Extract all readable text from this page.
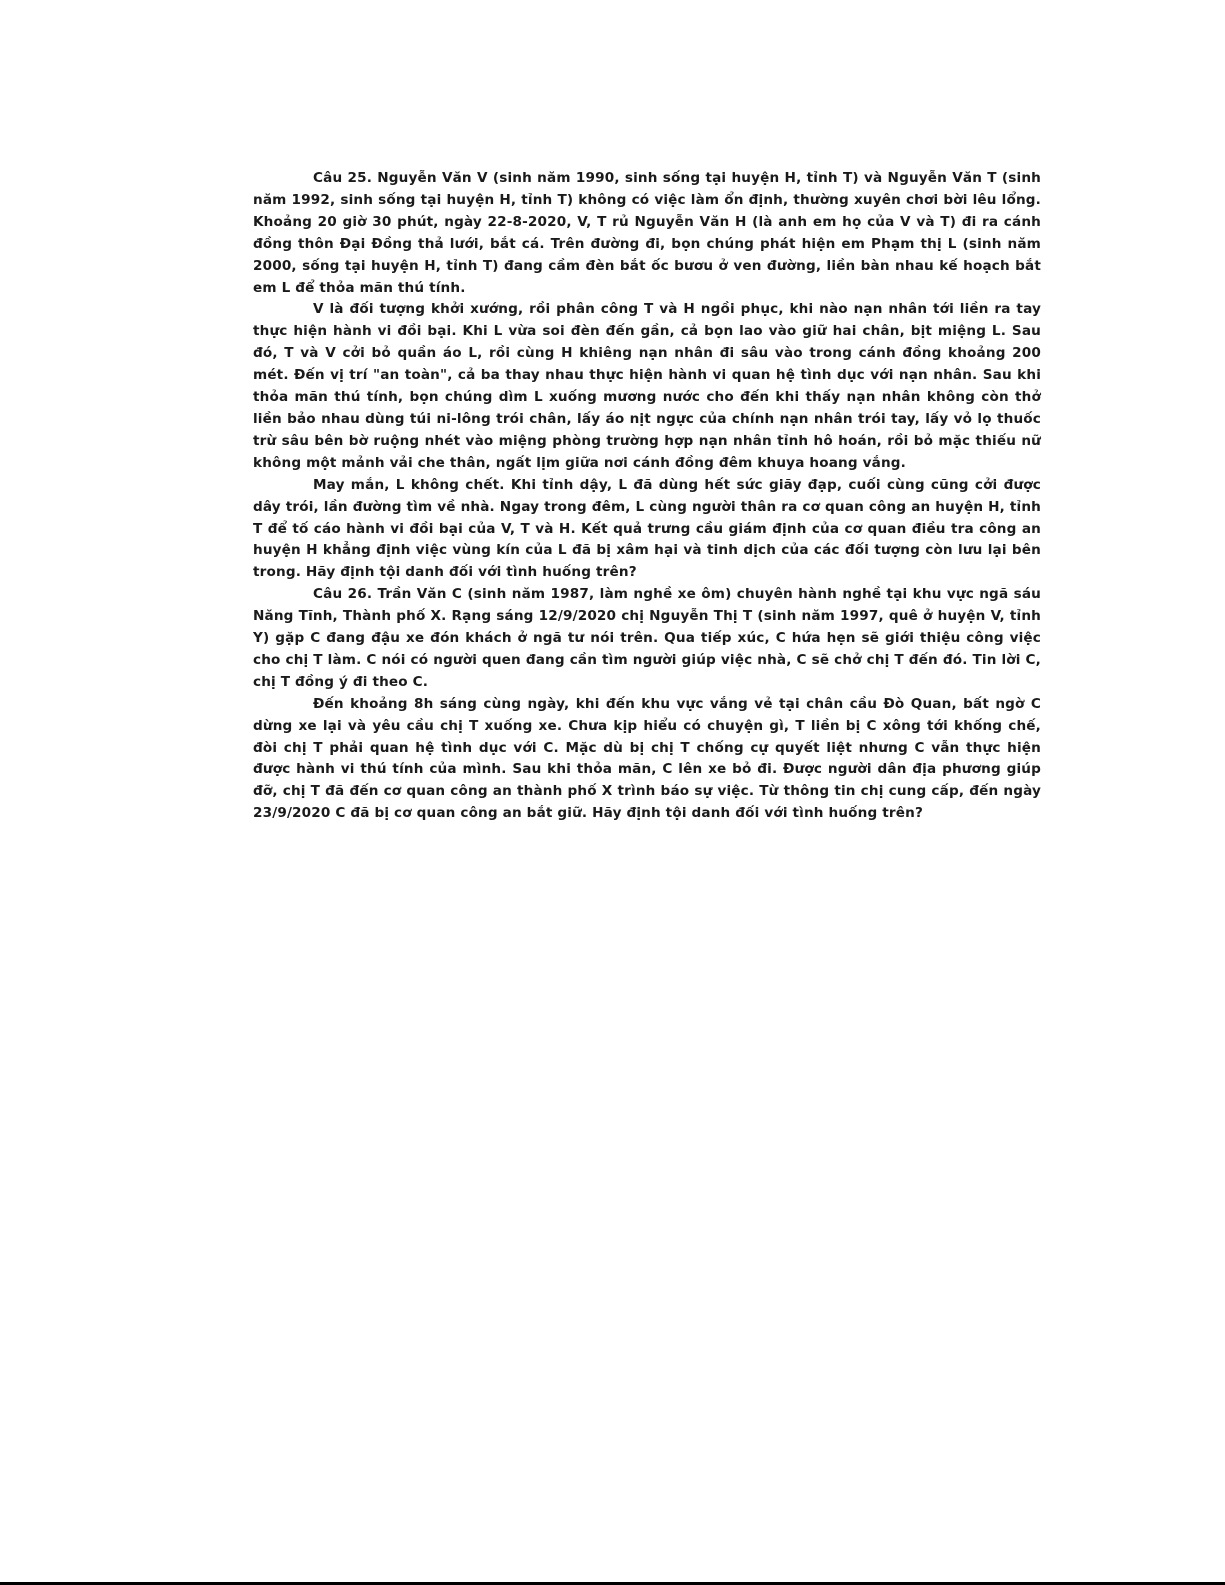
Câu 25. Nguyễn Văn V (sinh năm 1990, sinh sống tại huyện H, tỉnh T) và Nguyễn Văn T (sinh năm 1992, sinh sống tại huyện H, tỉnh T) không có việc làm ổn định, thường xuyên chơi bời lêu lổng. Khoảng 20 giờ 30 phút, ngày 22-8-2020, V, T rủ Nguyễn Văn H (là anh em họ của V và T) đi ra cánh đồng thôn Đại Đồng thả lưới, bắt cá. Trên đường đi, bọn chúng phát hiện em Phạm thị L (sinh năm 2000, sống tại huyện H, tỉnh T) đang cầm đèn bắt ốc bươu ở ven đường, liền bàn nhau kế hoạch bắt em L để thỏa mãn thú tính.

V là đối tượng khởi xướng, rồi phân công T và H ngồi phục, khi nào nạn nhân tới liền ra tay thực hiện hành vi đồi bại. Khi L vừa soi đèn đến gần, cả bọn lao vào giữ hai chân, bịt miệng L. Sau đó, T và V cởi bỏ quần áo L, rồi cùng H khiêng nạn nhân đi sâu vào trong cánh đồng khoảng 200 mét. Đến vị trí "an toàn", cả ba thay nhau thực hiện hành vi quan hệ tình dục với nạn nhân. Sau khi thỏa mãn thú tính, bọn chúng dìm L xuống mương nước cho đến khi thấy nạn nhân không còn thở liền bảo nhau dùng túi ni-lông trói chân, lấy áo nịt ngực của chính nạn nhân trói tay, lấy vỏ lọ thuốc trừ sâu bên bờ ruộng nhét vào miệng phòng trường hợp nạn nhân tỉnh hô hoán, rồi bỏ mặc thiếu nữ không một mảnh vải che thân, ngất lịm giữa nơi cánh đồng đêm khuya hoang vắng.

May mắn, L không chết. Khi tỉnh dậy, L đã dùng hết sức giãy đạp, cuối cùng cũng cởi được dây trói, lần đường tìm về nhà. Ngay trong đêm, L cùng người thân ra cơ quan công an huyện H, tỉnh T để tố cáo hành vi đồi bại của V, T và H. Kết quả trưng cầu giám định của cơ quan điều tra công an huyện H khẳng định việc vùng kín của L đã bị xâm hại và tinh dịch của các đối tượng còn lưu lại bên trong. Hãy định tội danh đối với tình huống trên?

Câu 26. Trần Văn C (sinh năm 1987, làm nghề xe ôm) chuyên hành nghề tại khu vực ngã sáu Năng Tĩnh, Thành phố X. Rạng sáng 12/9/2020 chị Nguyễn Thị T (sinh năm 1997, quê ở huyện V, tỉnh Y) gặp C đang đậu xe đón khách ở ngã tư nói trên. Qua tiếp xúc, C hứa hẹn sẽ giới thiệu công việc cho chị T làm. C nói có người quen đang cần tìm người giúp việc nhà, C sẽ chở chị T đến đó. Tin lời C, chị T đồng ý đi theo C.

Đến khoảng 8h sáng cùng ngày, khi đến khu vực vắng vẻ tại chân cầu Đò Quan, bất ngờ C dừng xe lại và yêu cầu chị T xuống xe. Chưa kịp hiểu có chuyện gì, T liền bị C xông tới khống chế, đòi chị T phải quan hệ tình dục với C. Mặc dù bị chị T chống cự quyết liệt nhưng C vẫn thực hiện được hành vi thú tính của mình. Sau khi thỏa mãn, C lên xe bỏ đi. Được người dân địa phương giúp đỡ, chị T đã đến cơ quan công an thành phố X trình báo sự việc. Từ thông tin chị cung cấp, đến ngày 23/9/2020 C đã bị cơ quan công an bắt giữ. Hãy định tội danh đối với tình huống trên?
